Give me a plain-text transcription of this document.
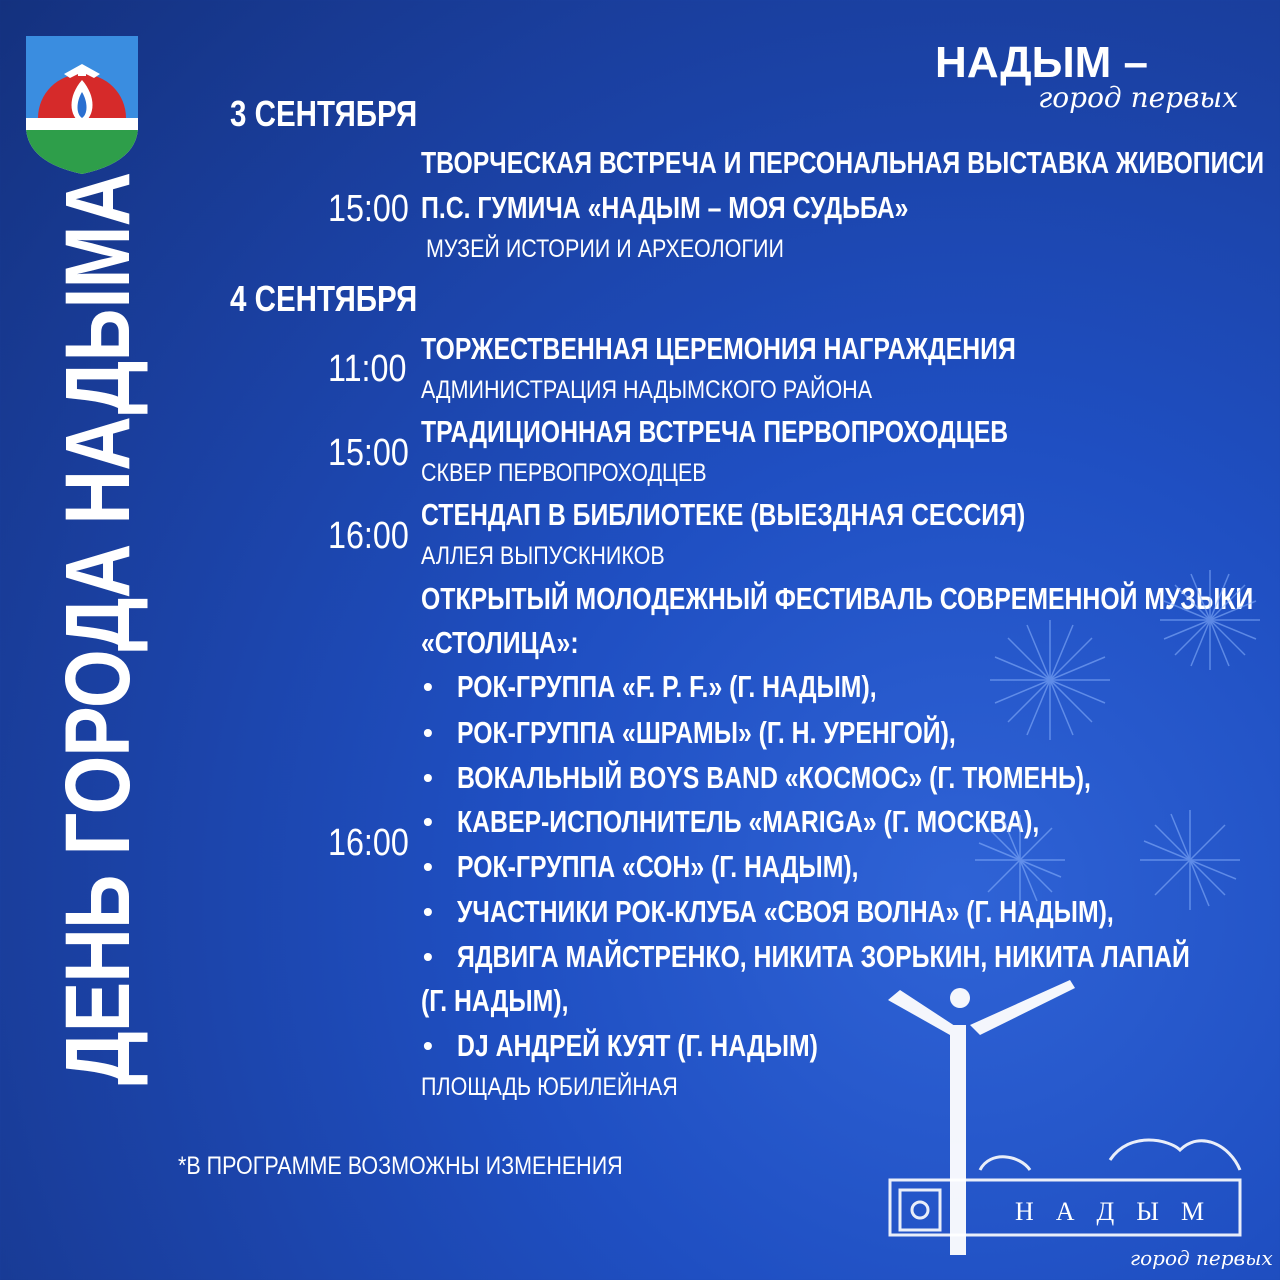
НАДЫМ –
город первых
ДЕНЬ ГОРОДА НАДЫМА
3 СЕНТЯБРЯ
ТВОРЧЕСКАЯ ВСТРЕЧА И ПЕРСОНАЛЬНАЯ ВЫСТАВКА ЖИВОПИСИ
15:00 П.С. ГУМИЧА «НАДЫМ – МОЯ СУДЬБА»
МУЗЕЙ ИСТОРИИ И АРХЕОЛОГИИ
4 СЕНТЯБРЯ
11:00 ТОРЖЕСТВЕННАЯ ЦЕРЕМОНИЯ НАГРАЖДЕНИЯ
АДМИНИСТРАЦИЯ НАДЫМСКОГО РАЙОНА
15:00
ТРАДИЦИОННАЯ ВСТРЕЧА ПЕРВОПРОХОДЦЕВ
СКВЕР ПЕРВОПРОХОДЦЕВ
16:00
СТЕНДАП В БИБЛИОТЕКЕ (ВЫЕЗДНАЯ СЕССИЯ)
АЛЛЕЯ ВЫПУСКНИКОВ
ОТКРЫТЫЙ МОЛОДЕЖНЫЙ ФЕСТИВАЛЬ СОВРЕМЕННОЙ МУЗЫКИ
«СТОЛИЦА»:
• РОК-ГРУППА «F. P. F.» (Г. НАДЫМ),
• РОК-ГРУППА «ШРАМЫ» (Г. Н. УРЕНГОЙ),
• ВОКАЛЬНЫЙ BOYS BAND «КОСМОС» (Г. ТЮМЕНЬ),
• КАВЕР-ИСПОЛНИТЕЛЬ «MARIGA» (Г. МОСКВА),
16:00
• РОК-ГРУППА «СОН» (Г. НАДЫМ),
• УЧАСТНИКИ РОК-КЛУБА «СВОЯ ВОЛНА» (Г. НАДЫМ),
• ЯДВИГА МАЙСТРЕНКО, НИКИТА ЗОРЬКИН, НИКИТА ЛАПАЙ
(Г. НАДЫМ),
• DJ АНДРЕЙ КУЯТ (Г. НАДЫМ)
ПЛОЩАДЬ ЮБИЛЕЙНАЯ
*В ПРОГРАММЕ ВОЗМОЖНЫ ИЗМЕНЕНИЯ
НАДЫМ
город первых
